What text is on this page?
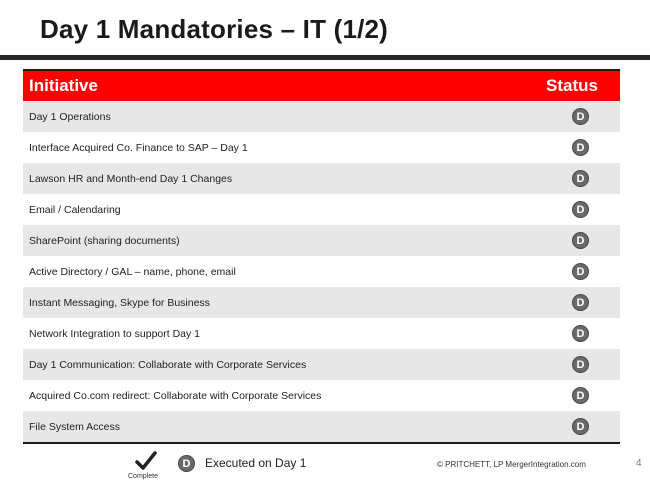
Day 1 Mandatories – IT (1/2)
Initiative	Status
Day 1 Operations	D
Interface Acquired Co. Finance to SAP – Day 1	D
Lawson HR and Month-end Day 1 Changes	D
Email / Calendaring	D
SharePoint (sharing documents)	D
Active Directory / GAL – name, phone, email	D
Instant Messaging, Skype for Business	D
Network Integration to support Day 1	D
Day 1 Communication: Collaborate with Corporate Services	D
Acquired Co.com redirect: Collaborate with Corporate Services	D
File System Access	D
Complete
D	Executed on Day 1	© PRITCHETT, LP MergerIntegration.com	4
